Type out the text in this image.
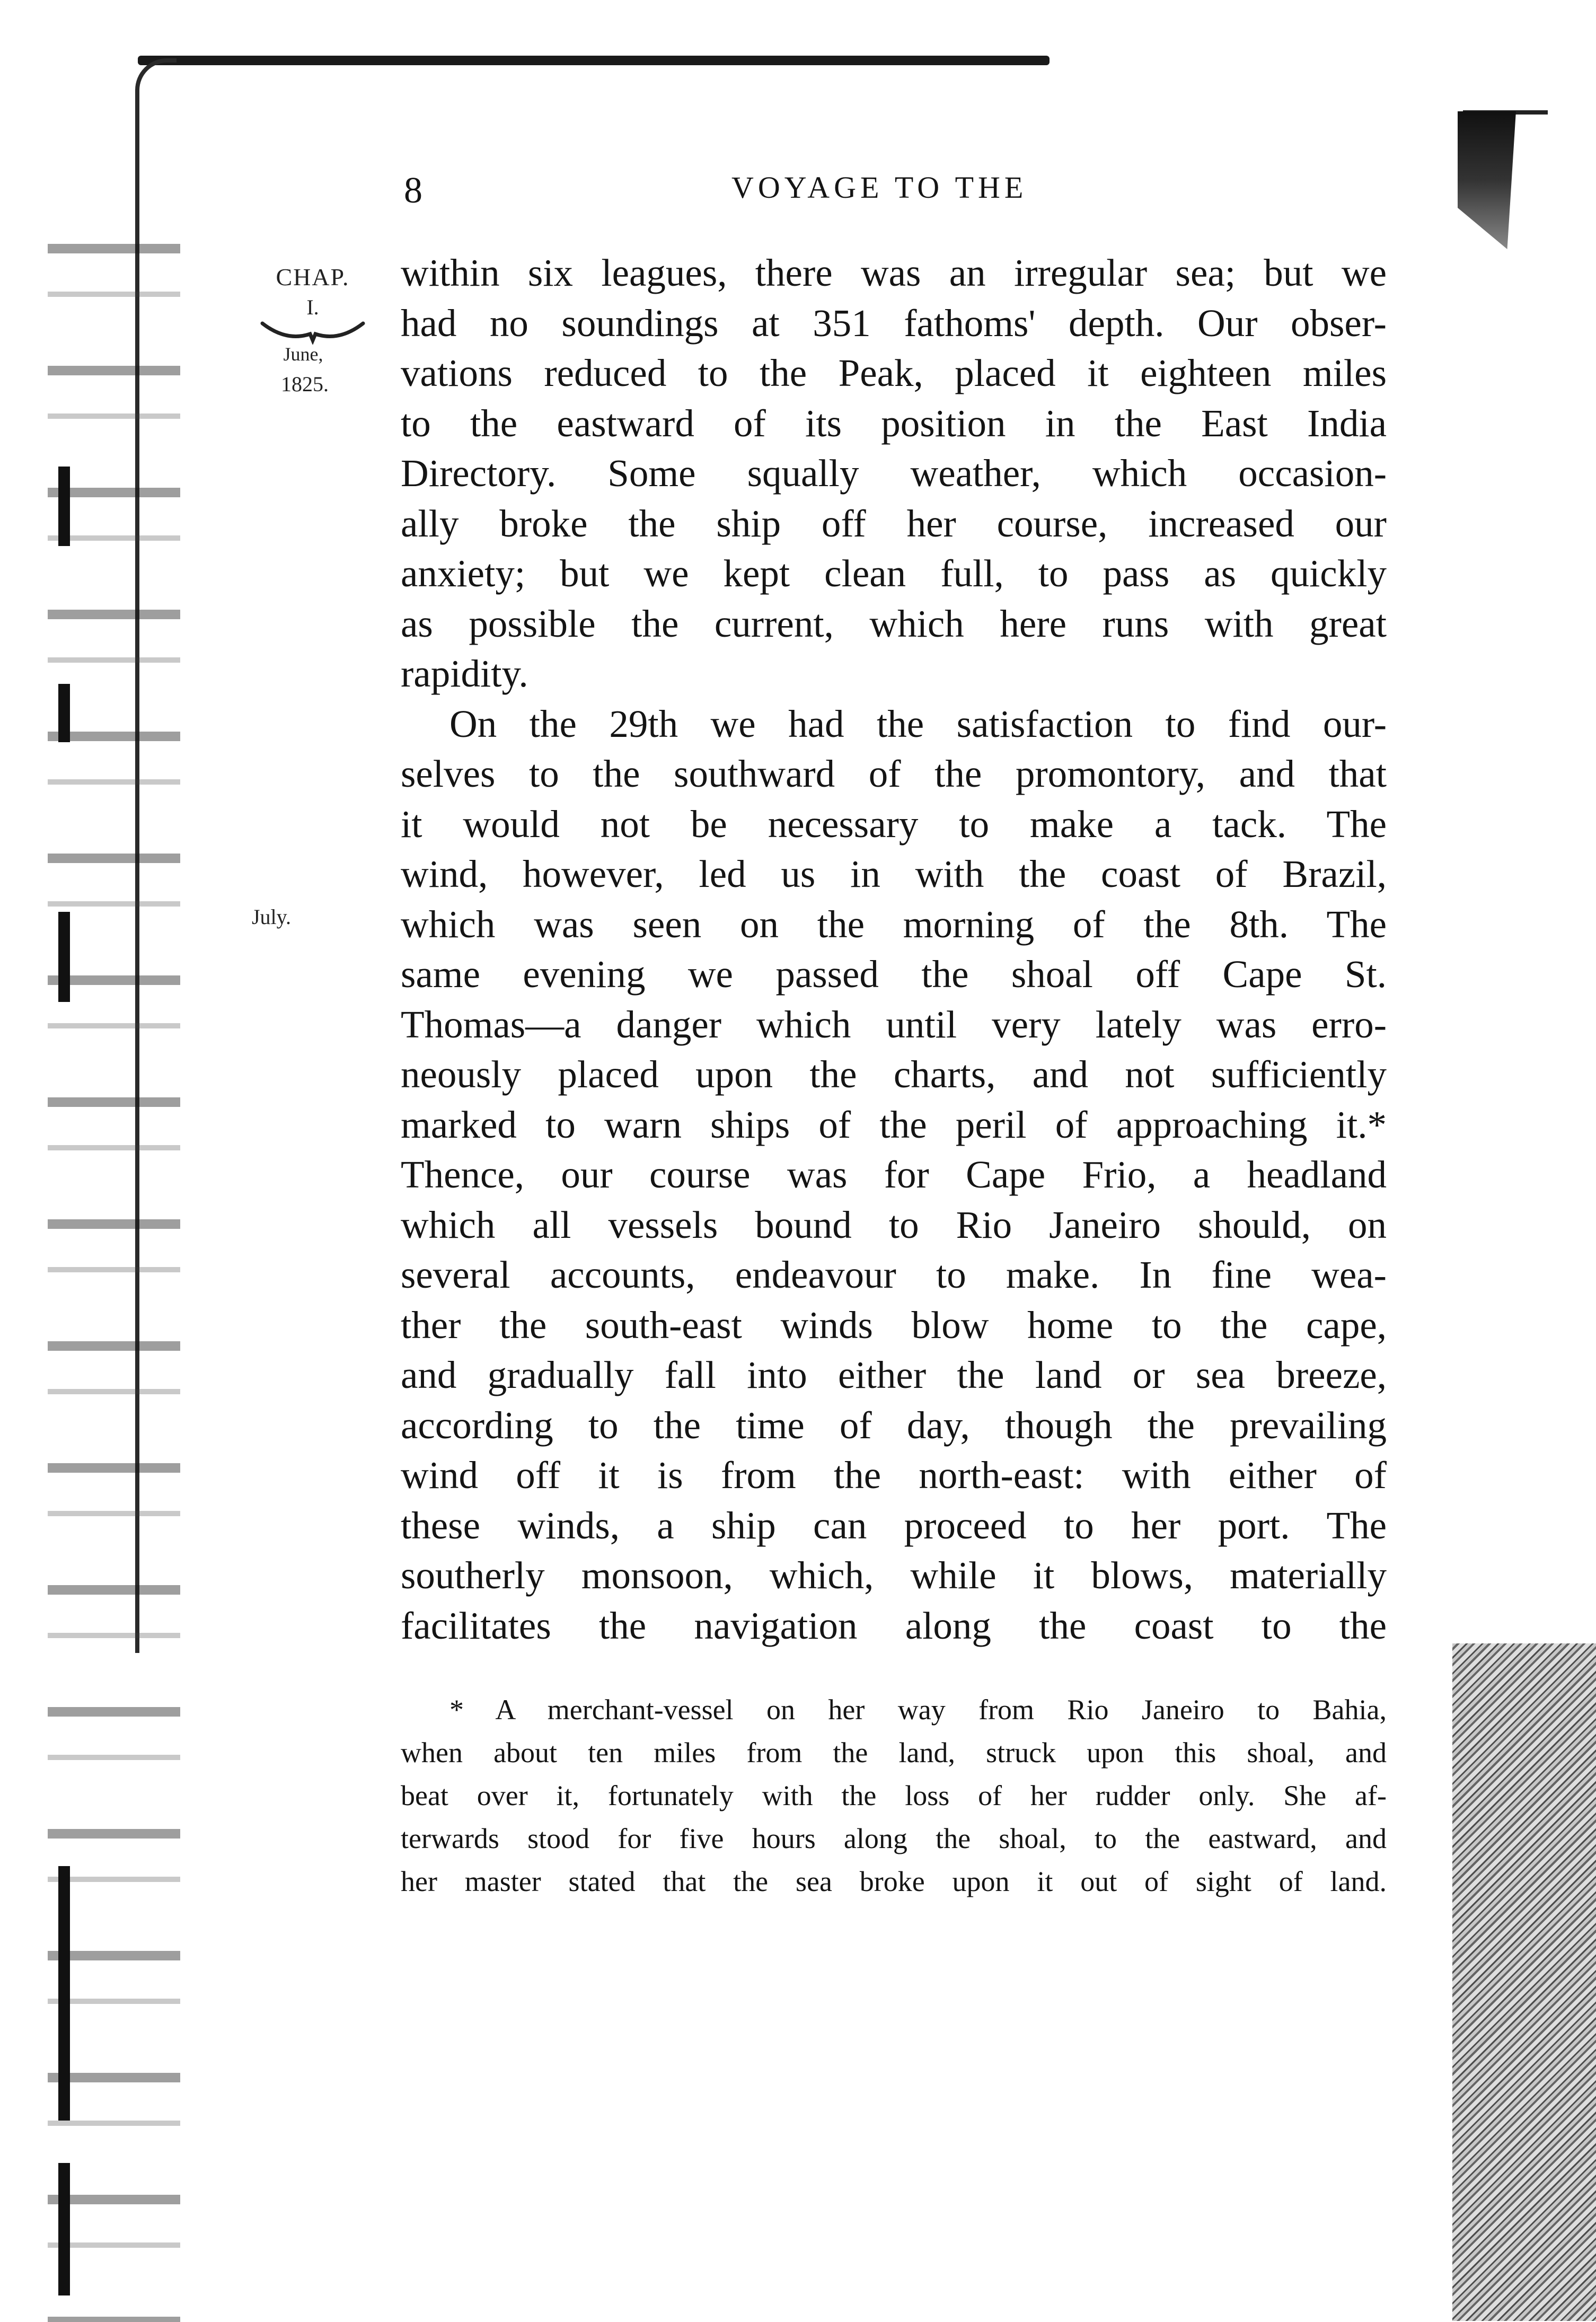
8	VOYAGE TO THE
CHAP.
I.
June,
1825.
July.
within six leagues, there was an irregular sea; but we
had no soundings at 351 fathoms' depth. Our obser-
vations reduced to the Peak, placed it eighteen miles
to the eastward of its position in the East India
Directory. Some squally weather, which occasion-
ally broke the ship off her course, increased our
anxiety; but we kept clean full, to pass as quickly
as possible the current, which here runs with great
rapidity.
On the 29th we had the satisfaction to find our-
selves to the southward of the promontory, and that
it would not be necessary to make a tack. The
wind, however, led us in with the coast of Brazil,
which was seen on the morning of the 8th. The
same evening we passed the shoal off Cape St.
Thomas—a danger which until very lately was erro-
neously placed upon the charts, and not sufficiently
marked to warn ships of the peril of approaching it.*
Thence, our course was for Cape Frio, a headland
which all vessels bound to Rio Janeiro should, on
several accounts, endeavour to make. In fine wea-
ther the south-east winds blow home to the cape,
and gradually fall into either the land or sea breeze,
according to the time of day, though the prevailing
wind off it is from the north-east: with either of
these winds, a ship can proceed to her port. The
southerly monsoon, which, while it blows, materially
facilitates the navigation along the coast to the
* A merchant-vessel on her way from Rio Janeiro to Bahia,
when about ten miles from the land, struck upon this shoal, and
beat over it, fortunately with the loss of her rudder only. She af-
terwards stood for five hours along the shoal, to the eastward, and
her master stated that the sea broke upon it out of sight of land.
